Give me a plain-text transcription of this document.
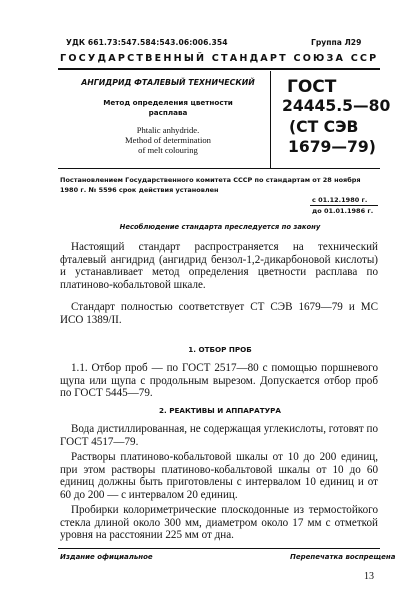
УДК 661.73:547.584:543.06:006.354	Группа Л29
ГОСУДАРСТВЕННЫЙ СТАНДАРТ СОЮЗА ССР
АНГИДРИД ФТАЛЕВЫЙ ТЕХНИЧЕСКИЙ
Метод определения цветности
расплава
Phtalic anhydride.
Method of determination
of melt colouring
ГОСТ
24445.5—80
(СТ СЭВ
1679—79)
Постановлением Государственного комитета СССР по стандартам от 28 ноября
1980 г. № 5596 срок действия установлен
с 01.12.1980 г.
до 01.01.1986 г.
Несоблюдение стандарта преследуется по закону
Настоящий стандарт распространяется на технический фталевый ангидрид (ангидрид бензол-1,2-дикарбоновой кислоты) и устанавливает метод определения цветности расплава по платиново-кобальтовой шкале.
Стандарт полностью соответствует СТ СЭВ 1679—79 и МС ИСО 1389/II.
1. ОТБОР ПРОБ
1.1. Отбор проб — по ГОСТ 2517—80 с помощью поршневого щупа или щупа с продольным вырезом. Допускается отбор проб по ГОСТ 5445—79.
2. РЕАКТИВЫ И АППАРАТУРА
Вода дистиллированная, не содержащая углекислоты, готовят по ГОСТ 4517—79.
Растворы платиново-кобальтовой шкалы от 10 до 200 единиц, при этом растворы платиново-кобальтовой шкалы от 10 до 60 единиц должны быть приготовлены с интервалом 10 единиц и от 60 до 200 — с интервалом 20 единиц.
Пробирки колориметрические плоскодонные из термостойкого стекла длиной около 300 мм, диаметром около 17 мм с отметкой уровня на расстоянии 225 мм от дна.
Издание официальное	Перепечатка воспрещена
13
